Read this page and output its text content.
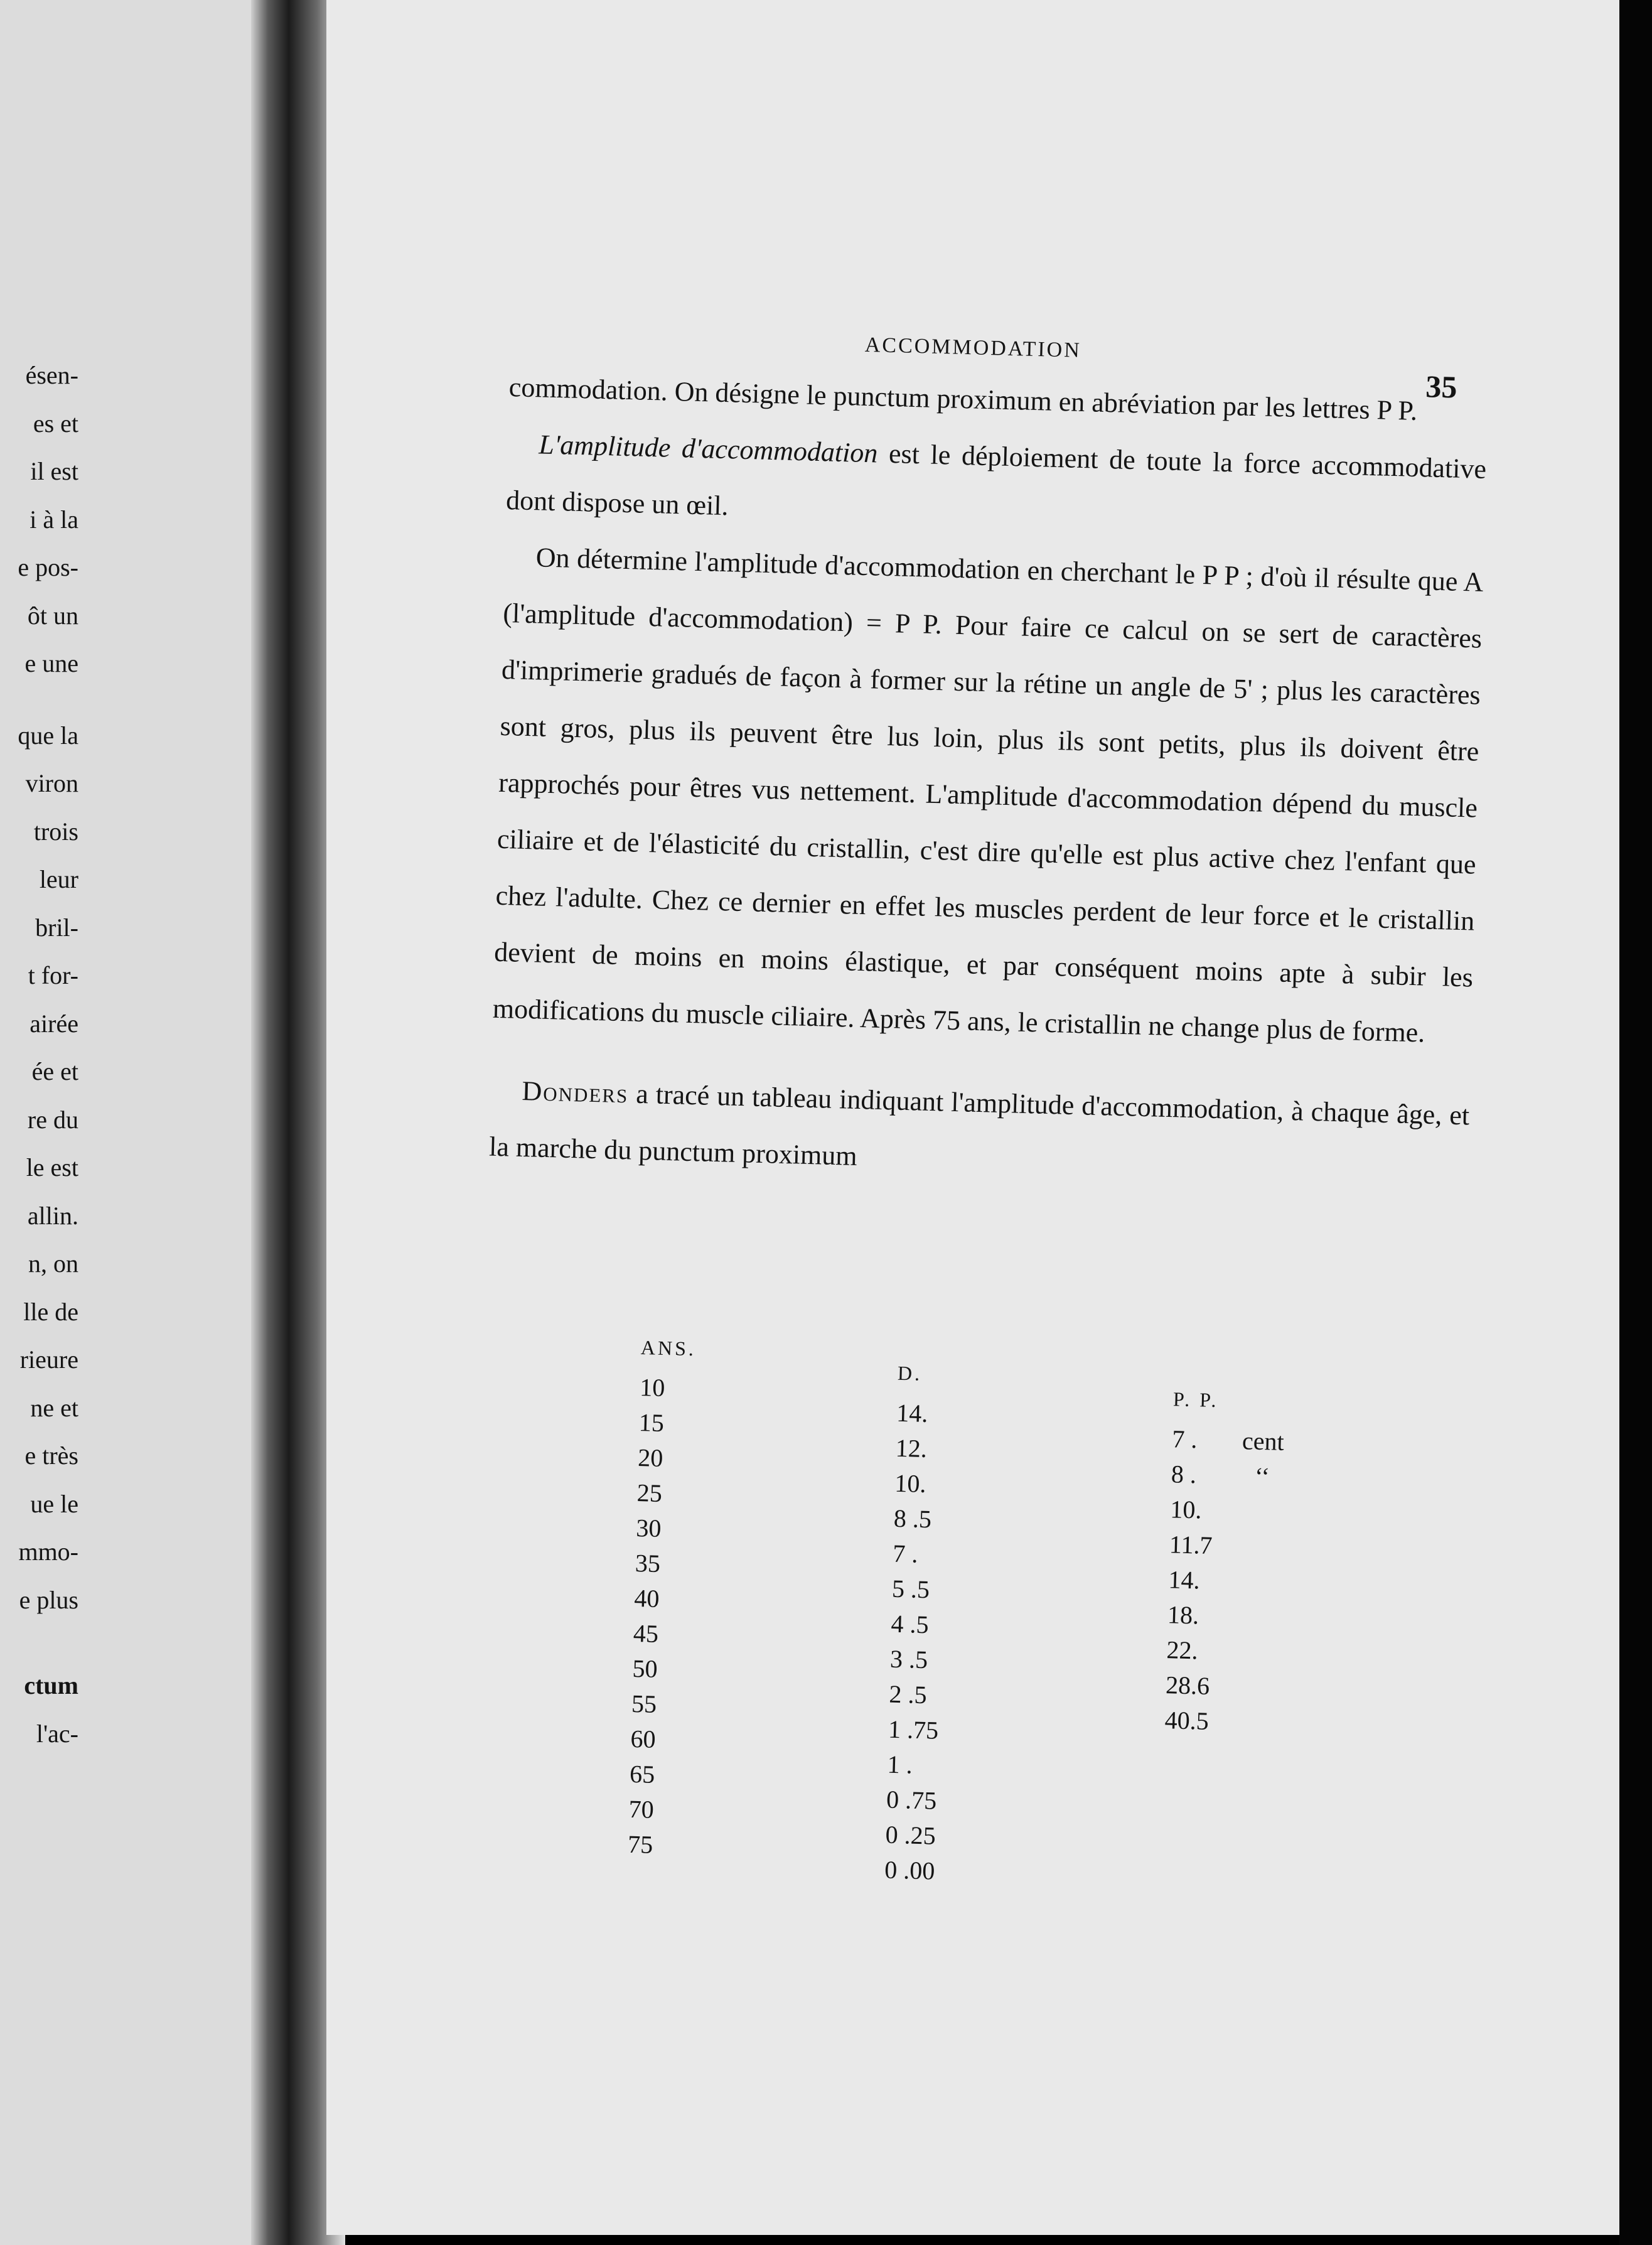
ésen-
es et
il est
i à la
e pos-
ôt un
e une
que la
viron
trois
leur
bril-
t for-
airée
ée et
re du
le est
allin.
n, on
lle de
rieure
ne et
e très
ue le
mmo-
e plus
ctum
l'ac-
ACCOMMODATION
35

commodation. On désigne le punctum proximum en abréviation par les lettres P P.

L'amplitude d'accommodation est le déploiement de toute la force accommodative dont dispose un œil.

On détermine l'amplitude d'accommodation en cherchant le P P ; d'où il résulte que A (l'amplitude d'accommodation) = P P. Pour faire ce calcul on se sert de caractères d'imprimerie gradués de façon à former sur la rétine un angle de 5' ; plus les caractères sont gros, plus ils peuvent être lus loin, plus ils sont petits, plus ils doivent être rapprochés pour êtres vus nettement. L'amplitude d'accommodation dépend du muscle ciliaire et de l'élasticité du cristallin, c'est dire qu'elle est plus active chez l'enfant que chez l'adulte. Chez ce dernier en effet les muscles perdent de leur force et le cristallin devient de moins en moins élastique, et par conséquent moins apte à subir les modifications du muscle ciliaire. Après 75 ans, le cristallin ne change plus de forme.

Donders a tracé un tableau indiquant l'amplitude d'accommodation, à chaque âge, et la marche du punctum proximum

ANS.
10
15
20
25
30
35
40
45
50
55
60
65
70
75
D.
14.
12.
10.
8 .5
7 .
5 .5
4 .5
3 .5
2 .5
1 .75
1 .
0 .75
0 .25
0 .00
P. P.
7 . cent
8 . ‘‘
10.
11.7
14.
18.
22.
28.6
40.5
